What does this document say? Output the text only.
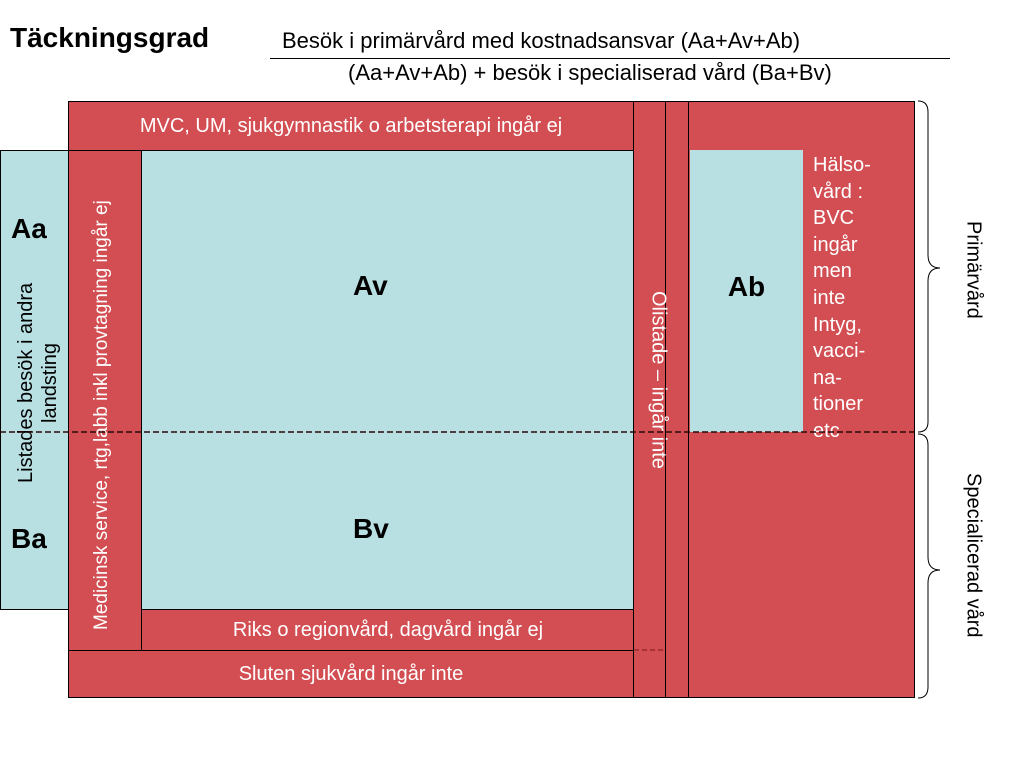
Täckningsgrad	Besök i primärvård med kostnadsansvar (Aa+Av+Ab)
(Aa+Av+Ab) + besök i specialiserad vård (Ba+Bv)
MVC, UM, sjukgymnastik o arbetsterapi ingår ej
Aa
Ba
Listades besök i andra landsting	Medicinsk service, rtg,labb inkl provtagning ingår ej	Av
Bv
Riks o regionvård, dagvård ingår ej
Sluten sjukvård ingår inte
Olistade – ingår inte
Ab
Hälso-
vård :
BVC
ingår
men
inte
Intyg,
vacci-
na-
tioner
etc
Primärvård
Specialicerad vård
